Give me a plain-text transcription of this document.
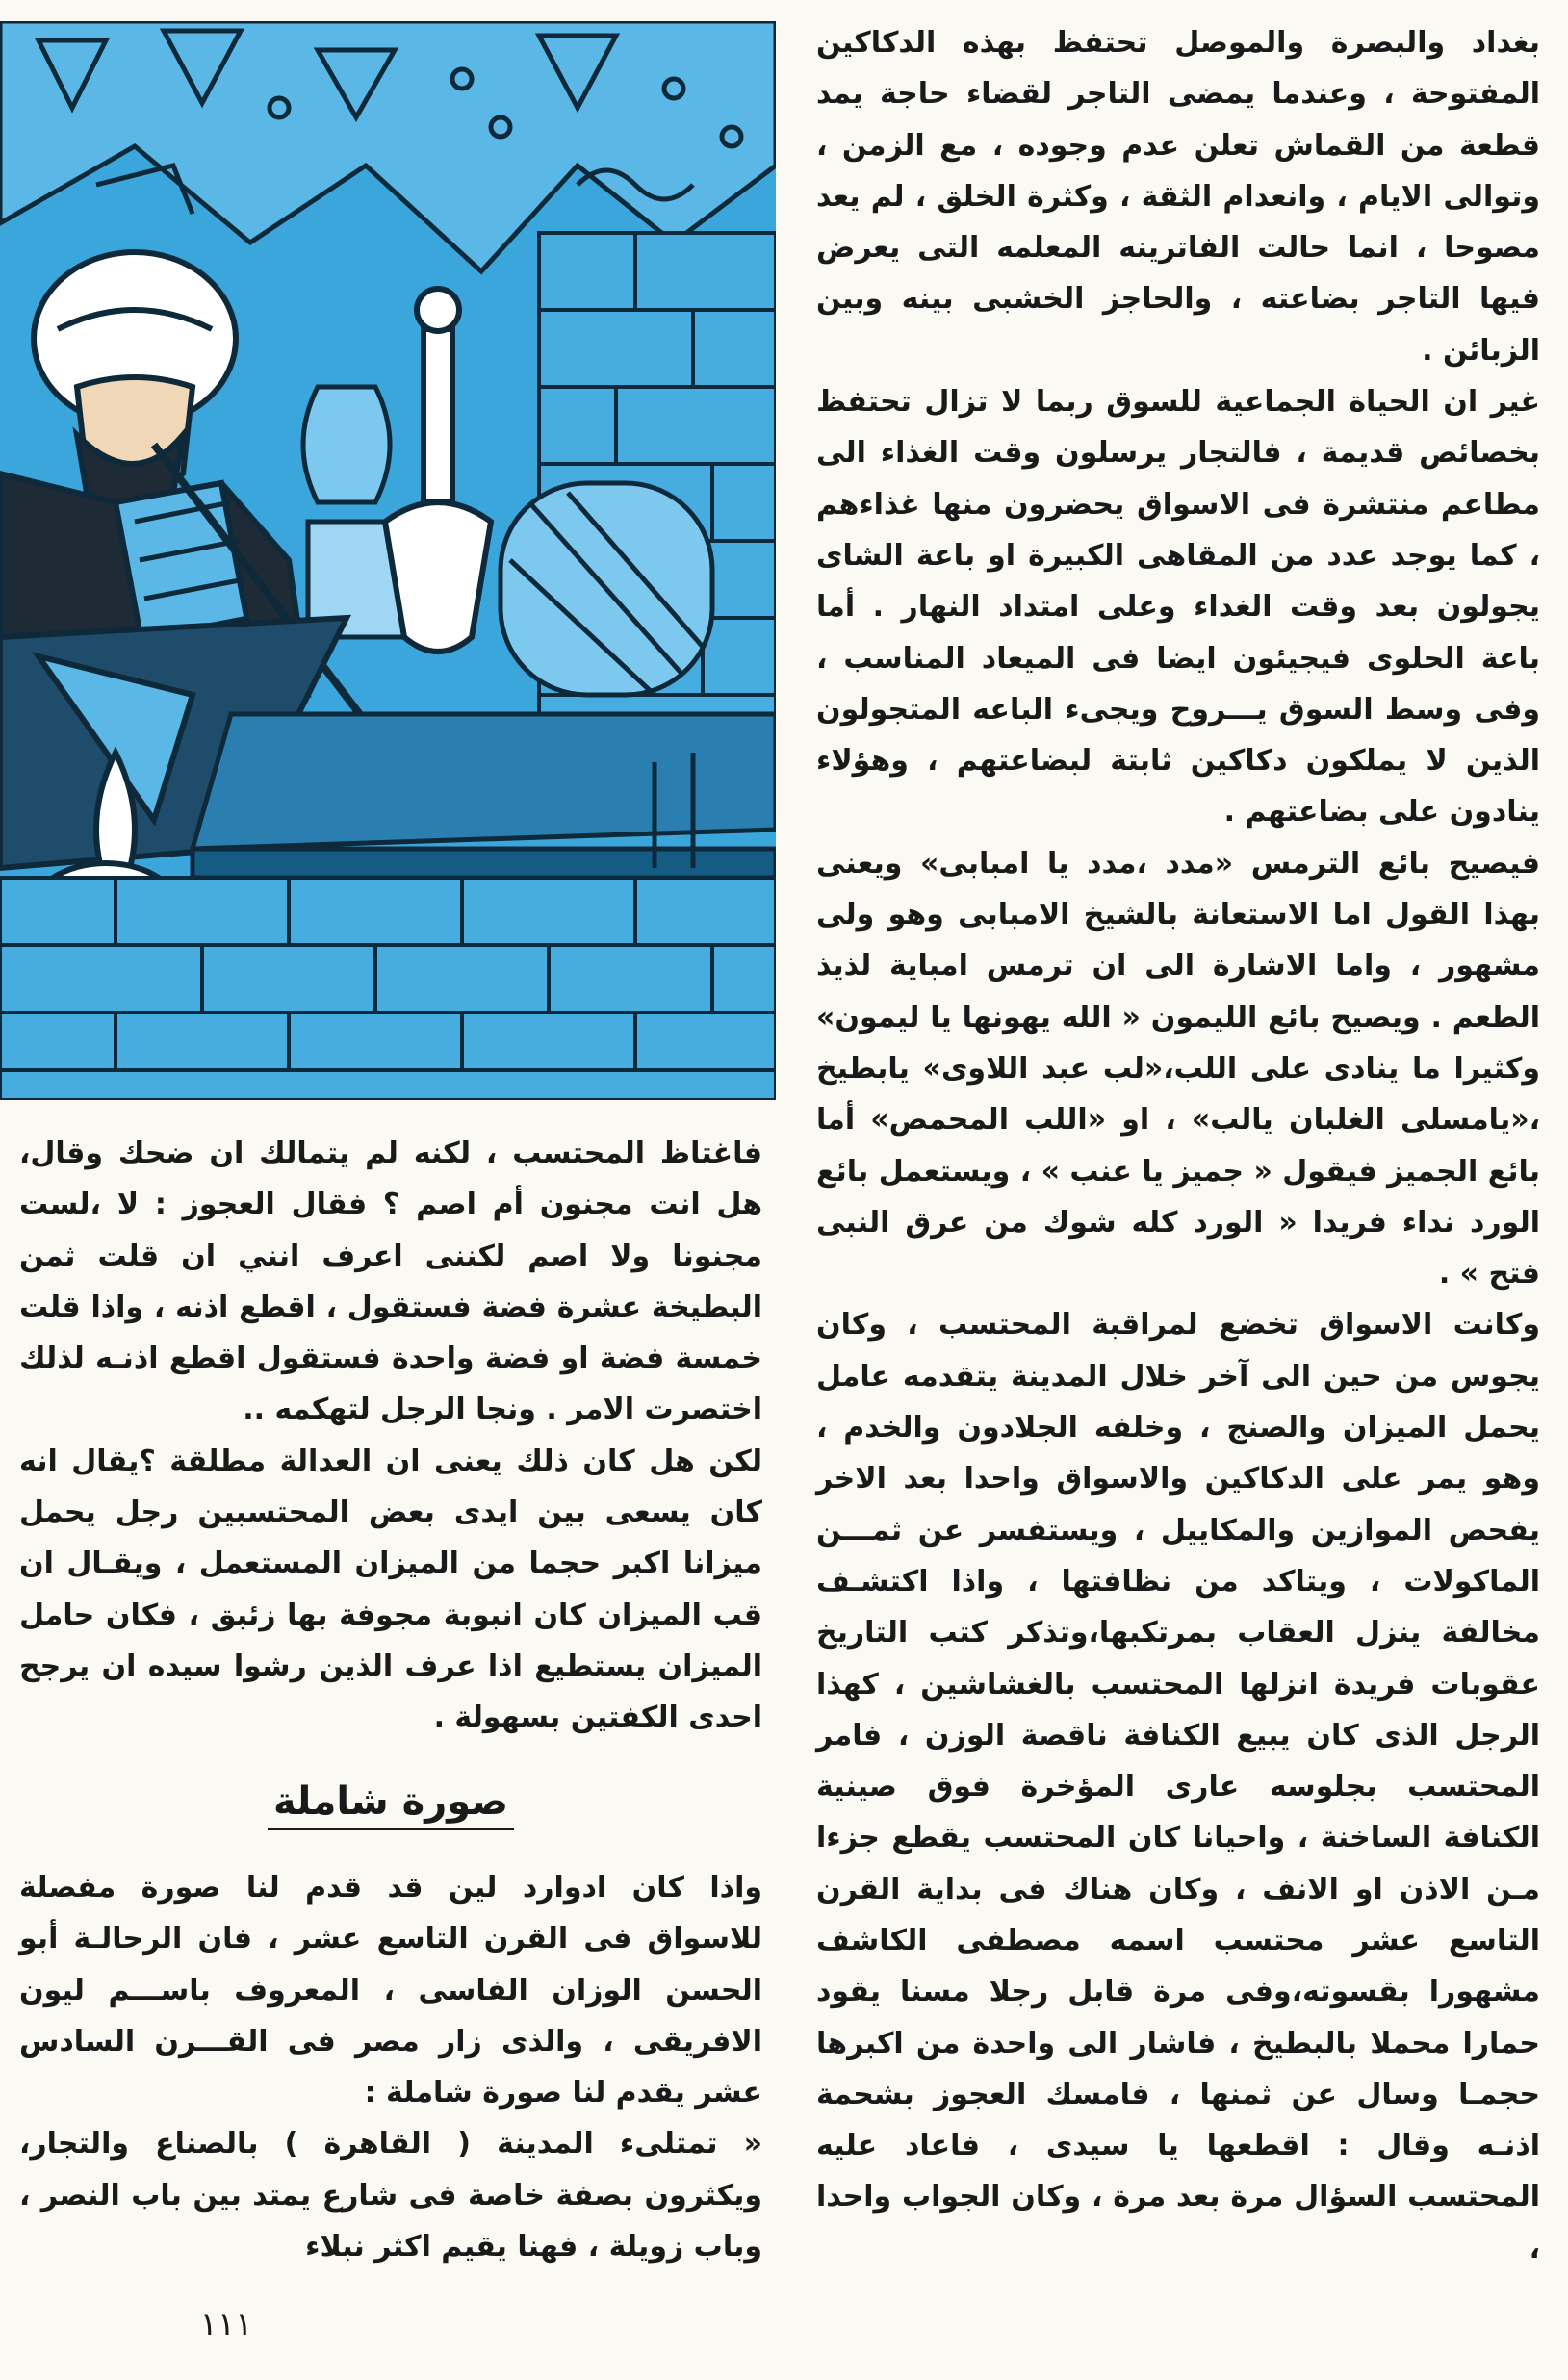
بغداد والبصرة والموصل تحتفظ بهذه الدكاكين المفتوحة ، وعندما يمضى التاجر لقضاء حاجة يمد قطعة من القماش تعلن عدم وجوده ، مع الزمن ، وتوالى الايام ، وانعدام الثقة ، وكثرة الخلق ، لم يعد مصوحا ، انما حالت الفاترينه المعلمه التى يعرض فيها التاجر بضاعته ، والحاجز الخشبى بينه وبين الزبائن .

غير ان الحياة الجماعية للسوق ربما لا تزال تحتفظ بخصائص قديمة ، فالتجار يرسلون وقت الغذاء الى مطاعم منتشرة فى الاسواق يحضرون منها غذاءهم ، كما يوجد عدد من المقاهى الكبيرة او باعة الشاى يجولون بعد وقت الغداء وعلى امتداد النهار . أما باعة الحلوى فيجيئون ايضا فى الميعاد المناسب ، وفى وسط السوق يـــروح ويجىء الباعه المتجولون الذين لا يملكون دكاكين ثابتة لبضاعتهم ، وهؤلاء ينادون على بضاعتهم .

فيصيح بائع الترمس «مدد ،مدد يا امبابى» ويعنى بهذا القول اما الاستعانة بالشيخ الامبابى وهو ولى مشهور ، واما الاشارة الى ان ترمس امباية لذيذ الطعم . ويصيح بائع الليمون « الله يهونها يا ليمون» وكثيرا ما ينادى على اللب،«لب عبد اللاوى» يابطيخ ،«يامسلى الغلبان يالب» ، او «اللب المحمص» أما بائع الجميز فيقول « جميز يا عنب » ، ويستعمل بائع الورد نداء فريدا « الورد كله شوك من عرق النبى فتح » .

وكانت الاسواق تخضع لمراقبة المحتسب ، وكان يجوس من حين الى آخر خلال المدينة يتقدمه عامل يحمل الميزان والصنج ، وخلفه الجلادون والخدم ، وهو يمر على الدكاكين والاسواق واحدا بعد الاخر يفحص الموازين والمكاييل ، ويستفسر عن ثمـــن الماكولات ، ويتاكد من نظافتها ، واذا اكتشـف مخالفة ينزل العقاب بمرتكبها،وتذكر كتب التاريخ عقوبات فريدة انزلها المحتسب بالغشاشين ، كهذا الرجل الذى كان يبيع الكنافة ناقصة الوزن ، فامر المحتسب بجلوسه عارى المؤخرة فوق صينية الكنافة الساخنة ، واحيانا كان المحتسب يقطع جزءا مـن الاذن او الانف ، وكان هناك فى بداية القرن التاسع عشر محتسب اسمه مصطفى الكاشف مشهورا بقسوته،وفى مرة قابل رجلا مسنا يقود حمارا محملا بالبطيخ ، فاشار الى واحدة من اكبرها حجمـا وسال عن ثمنها ، فامسك العجوز بشحمة اذنـه وقال : اقطعها يا سيدى ، فاعاد عليه المحتسب السؤال مرة بعد مرة ، وكان الجواب واحدا ،

فاغتاظ المحتسب ، لكنه لم يتمالك ان ضحك وقال، هل انت مجنون أم اصم ؟ فقال العجوز : لا ،لست مجنونا ولا اصم لكننى اعرف انني ان قلت ثمن البطيخة عشرة فضة فستقول ، اقطع اذنه ، واذا قلت خمسة فضة او فضة واحدة فستقول اقطع اذنـه لذلك اختصرت الامر . ونجا الرجل لتهكمه ..

لكن هل كان ذلك يعنى ان العدالة مطلقة ؟يقال انه كان يسعى بين ايدى بعض المحتسبين رجل يحمل ميزانا اكبر حجما من الميزان المستعمل ، ويقـال ان قب الميزان كان انبوبة مجوفة بها زئبق ، فكان حامل الميزان يستطيع اذا عرف الذين رشوا سيده ان يرجح احدى الكفتين بسهولة .

صورة شاملة

واذا كان ادوارد لين قد قدم لنا صورة مفصلة للاسواق فى القرن التاسع عشر ، فان الرحالـة أبو الحسن الوزان الفاسى ، المعروف باســـم ليون الافريقى ، والذى زار مصر فى القـــرن السادس عشر يقدم لنا صورة شاملة :

« تمتلىء المدينة ( القاهرة ) بالصناع والتجار، ويكثرون بصفة خاصة فى شارع يمتد بين باب النصر ، وباب زويلة ، فهنا يقيم اكثر نبلاء

١١١
